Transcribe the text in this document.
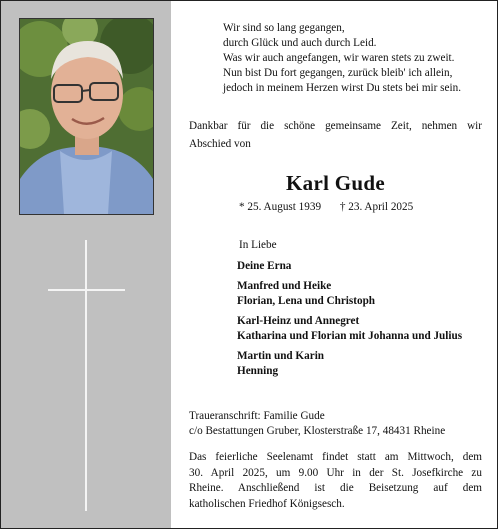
Wir sind so lang gegangen,
durch Glück und auch durch Leid.
Was wir auch angefangen, wir waren stets zu zweit.
Nun bist Du fort gegangen, zurück bleib' ich allein,
jedoch in meinem Herzen wirst Du stets bei mir sein.
Dankbar für die schöne gemeinsame Zeit, nehmen wir
Abschied von
Karl Gude
* 25. August 1939 † 23. April 2025
In Liebe
Deine Erna
Manfred und Heike
Florian, Lena und Christoph
Karl-Heinz und Annegret
Katharina und Florian mit Johanna und Julius
Martin und Karin
Henning
Traueranschrift: Familie Gude
c/o Bestattungen Gruber, Klosterstraße 17, 48431 Rheine
Das feierliche Seelenamt findet statt am Mittwoch, dem
30. April 2025, um 9.00 Uhr in der St. Josefkirche zu
Rheine. Anschließend ist die Beisetzung auf dem
katholischen Friedhof Königsesch.
